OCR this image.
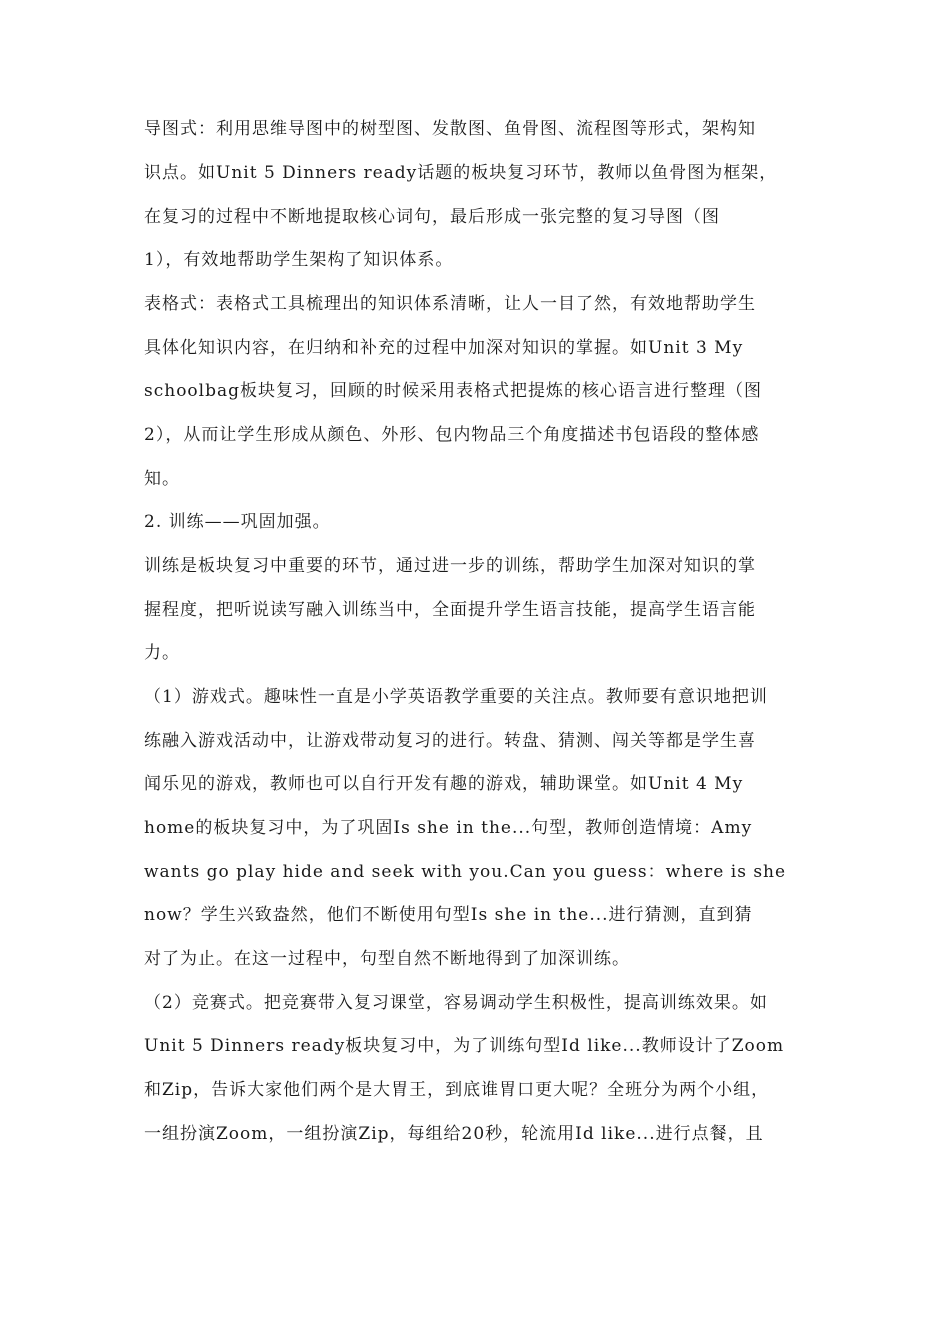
导图式：利用思维导图中的树型图、发散图、鱼骨图、流程图等形式，架构知
识点。如Unit 5 Dinners ready话题的板块复习环节，教师以鱼骨图为框架，
在复习的过程中不断地提取核心词句，最后形成一张完整的复习导图（图
1），有效地帮助学生架构了知识体系。
表格式：表格式工具梳理出的知识体系清晰，让人一目了然，有效地帮助学生
具体化知识内容，在归纳和补充的过程中加深对知识的掌握。如Unit 3 My
schoolbag板块复习，回顾的时候采用表格式把提炼的核心语言进行整理（图
2），从而让学生形成从颜色、外形、包内物品三个角度描述书包语段的整体感
知。
2. 训练——巩固加强。
训练是板块复习中重要的环节，通过进一步的训练，帮助学生加深对知识的掌
握程度，把听说读写融入训练当中，全面提升学生语言技能，提高学生语言能
力。
（1）游戏式。趣味性一直是小学英语教学重要的关注点。教师要有意识地把训
练融入游戏活动中，让游戏带动复习的进行。转盘、猜测、闯关等都是学生喜
闻乐见的游戏，教师也可以自行开发有趣的游戏，辅助课堂。如Unit 4 My
home的板块复习中，为了巩固Is she in the...句型，教师创造情境：Amy
wants go play hide and seek with you.Can you guess：where is she
now？学生兴致盎然，他们不断使用句型Is she in the...进行猜测，直到猜
对了为止。在这一过程中，句型自然不断地得到了加深训练。
（2）竞赛式。把竞赛带入复习课堂，容易调动学生积极性，提高训练效果。如
Unit 5 Dinners ready板块复习中，为了训练句型Id like...教师设计了Zoom
和Zip，告诉大家他们两个是大胃王，到底谁胃口更大呢？全班分为两个小组，
一组扮演Zoom，一组扮演Zip，每组给20秒，轮流用Id like...进行点餐，且
